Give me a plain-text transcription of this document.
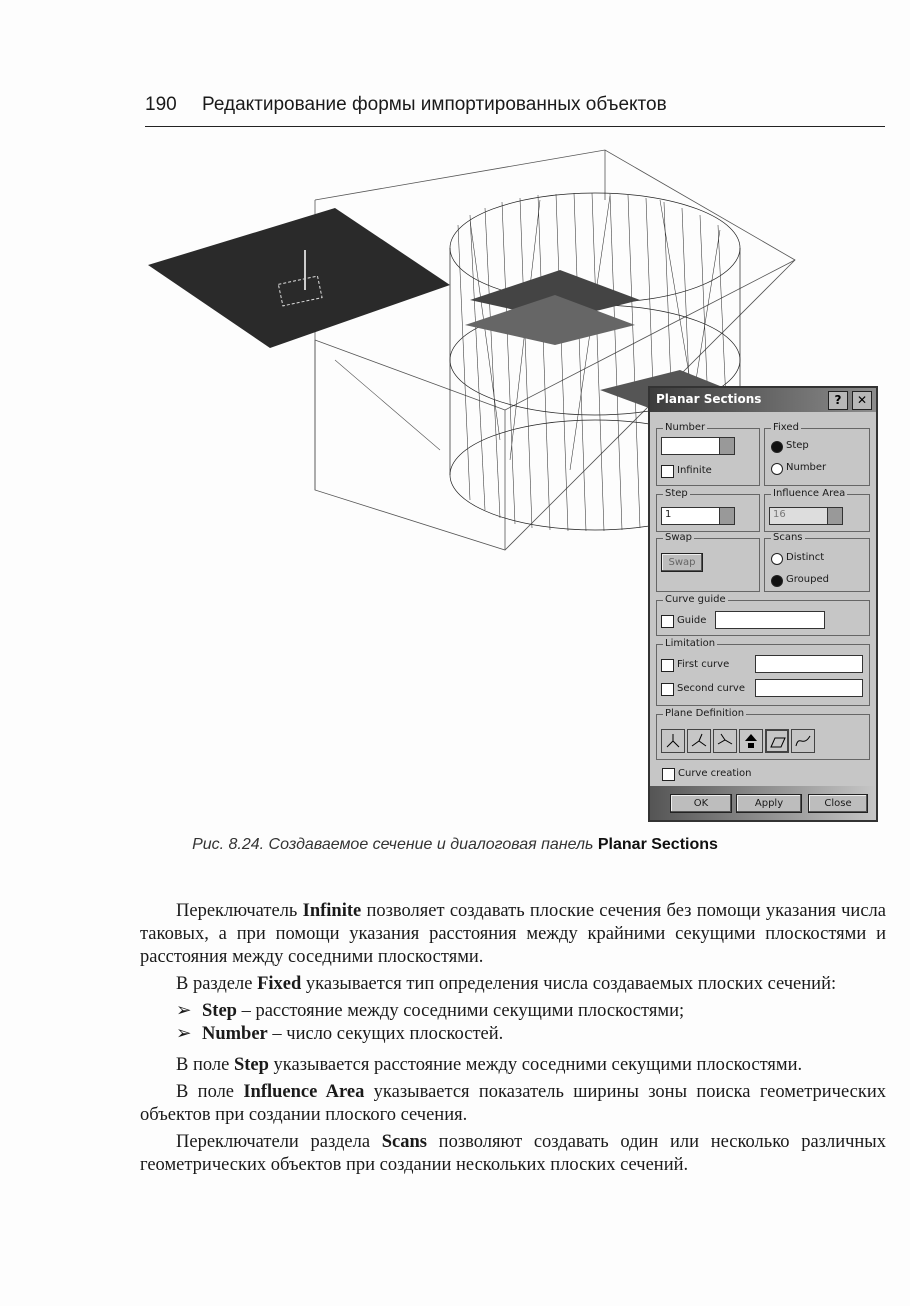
190 Редактирование формы импортированных объектов
Planar Sections	?	✕
Number
Infinite
Fixed
Step
Number
Step
1
Influence Area
16
Swap
Swap
Scans
Distinct
Grouped
Curve guide
Guide
Limitation
First curve
Second curve
Plane Definition
Curve creation
OK	Apply	Close
Рис. 8.24. Создаваемое сечение и диалоговая панель Planar Sections

Переключатель Infinite позволяет создавать плоские сечения без помощи указания числа таковых, а при помощи указания расстояния между крайними секущими плоскостями и расстояния между соседними плоскостями.

В разделе Fixed указывается тип определения числа создаваемых плоских сечений:

➢ Step – расстояние между соседними секущими плоскостями;
➢ Number – число секущих плоскостей.

В поле Step указывается расстояние между соседними секущими плоскостями.

В поле Influence Area указывается показатель ширины зоны поиска геометрических объектов при создании плоского сечения.

Переключатели раздела Scans позволяют создавать один или несколько различных геометрических объектов при создании нескольких плоских сечений.
